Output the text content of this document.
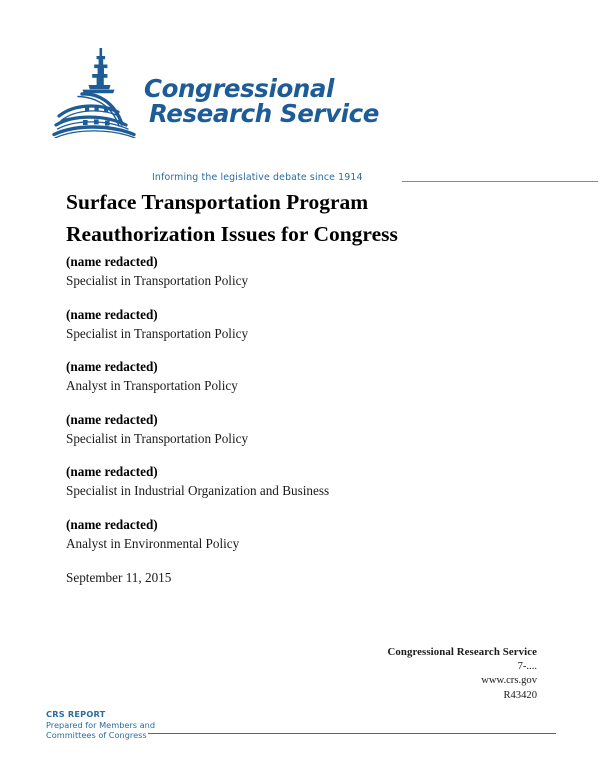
Congressional
Research Service
Informing the legislative debate since 1914
Surface Transportation Program
Reauthorization Issues for Congress
(name redacted)
Specialist in Transportation Policy
(name redacted)
Specialist in Transportation Policy
(name redacted)
Analyst in Transportation Policy
(name redacted)
Specialist in Transportation Policy
(name redacted)
Specialist in Industrial Organization and Business
(name redacted)
Analyst in Environmental Policy
September 11, 2015
Congressional Research Service
7-....
www.crs.gov
R43420
CRS REPORT
Prepared for Members and
Committees of Congress
